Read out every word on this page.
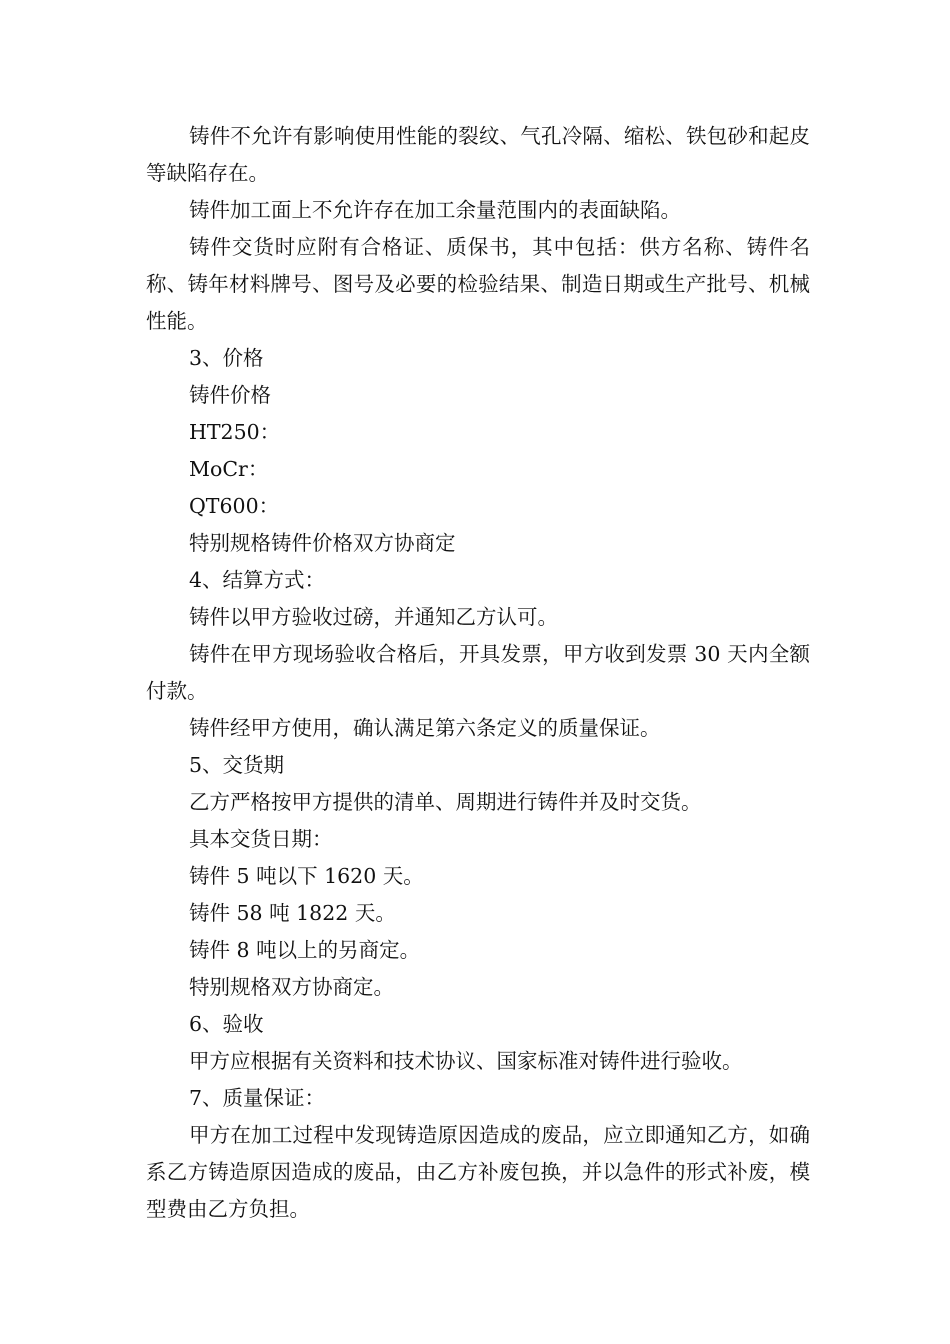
铸件不允许有影响使用性能的裂纹、气孔冷隔、缩松、铁包砂和起皮等缺陷存在。

铸件加工面上不允许存在加工余量范围内的表面缺陷。

铸件交货时应附有合格证、质保书，其中包括：供方名称、铸件名称、铸年材料牌号、图号及必要的检验结果、制造日期或生产批号、机械性能。

3、价格

铸件价格

HT250：

MoCr：

QT600：

特别规格铸件价格双方协商定

4、结算方式：

铸件以甲方验收过磅，并通知乙方认可。

铸件在甲方现场验收合格后，开具发票，甲方收到发票 30 天内全额付款。

铸件经甲方使用，确认满足第六条定义的质量保证。

5、交货期

乙方严格按甲方提供的清单、周期进行铸件并及时交货。

具本交货日期：

铸件 5 吨以下 1620 天。

铸件 58 吨 1822 天。

铸件 8 吨以上的另商定。

特别规格双方协商定。

6、验收

甲方应根据有关资料和技术协议、国家标准对铸件进行验收。

7、质量保证：

甲方在加工过程中发现铸造原因造成的废品，应立即通知乙方，如确系乙方铸造原因造成的废品，由乙方补废包换，并以急件的形式补废，模型费由乙方负担。
